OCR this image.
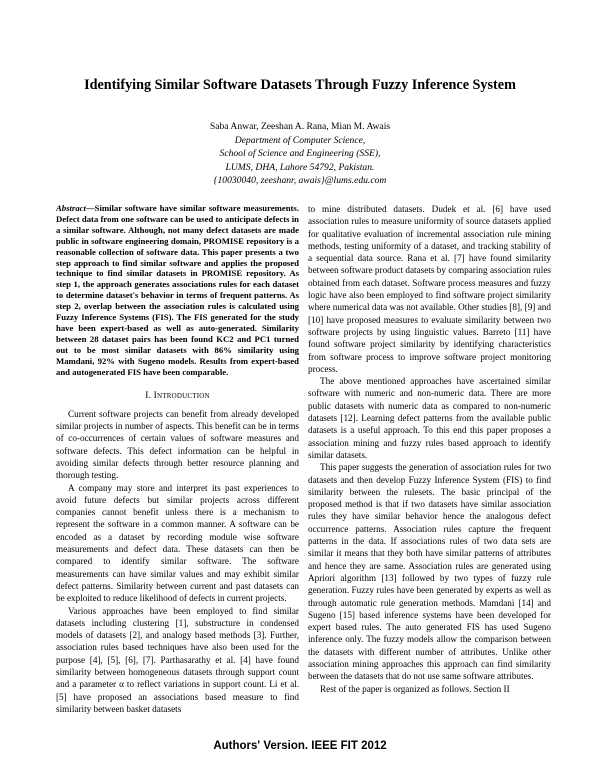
Identifying Similar Software Datasets Through Fuzzy Inference System
Saba Anwar, Zeeshan A. Rana, Mian M. Awais
Department of Computer Science,
School of Science and Engineering (SSE),
LUMS, DHA, Lahore 54792, Pakistan.
{10030040, zeeshanr, awais}@lums.edu.com

Abstract—Similar software have similar software measurements. Defect data from one software can be used to anticipate defects in a similar software. Although, not many defect datasets are made public in software engineering domain, PROMISE repository is a reasonable collection of software data. This paper presents a two step approach to find similar software and applies the proposed technique to find similar datasets in PROMISE repository. As step 1, the approach generates associations rules for each dataset to determine dataset's behavior in terms of frequent patterns. As step 2, overlap between the association rules is calculated using Fuzzy Inference Systems (FIS). The FIS generated for the study have been expert-based as well as auto-generated. Similarity between 28 dataset pairs has been found KC2 and PC1 turned out to be most similar datasets with 86% similarity using Mamdani, 92% with Sugeno models. Results from expert-based and autogenerated FIS have been comparable.

I. Introduction

Current software projects can benefit from already developed similar projects in number of aspects. This benefit can be in terms of co-occurrences of certain values of software measures and software defects. This defect information can be helpful in avoiding similar defects through better resource planning and thorough testing.

A company may store and interpret its past experiences to avoid future defects but similar projects across different companies cannot benefit unless there is a mechanism to represent the software in a common manner. A software can be encoded as a dataset by recording module wise software measurements and defect data. These datasets can then be compared to identify similar software. The software measurements can have similar values and may exhibit similar defect patterns. Similarity between current and past datasets can be exploited to reduce likelihood of defects in current projects.

Various approaches have been employed to find similar datasets including clustering [1], substructure in condensed models of datasets [2], and analogy based methods [3]. Further, association rules based techniques have also been used for the purpose [4], [5], [6], [7]. Parthasarathy et al. [4] have found similarity between homogeneous datasets through support count and a parameter α to reflect variations in support count. Li et al. [5] have proposed an associations based measure to find similarity between basket datasets

to mine distributed datasets. Dudek et al. [6] have used association rules to measure uniformity of source datasets applied for qualitative evaluation of incremental association rule mining methods, testing uniformity of a dataset, and tracking stability of a sequential data source. Rana et al. [7] have found similarity between software product datasets by comparing association rules obtained from each dataset. Software process measures and fuzzy logic have also been employed to find software project similarity where numerical data was not available. Other studies [8], [9] and [10] have proposed measures to evaluate similarity between two software projects by using linguistic values. Barreto [11] have found software project similarity by identifying characteristics from software process to improve software project monitoring process.

The above mentioned approaches have ascertained similar software with numeric and non-numeric data. There are more public datasets with numeric data as compared to non-numeric datasets [12]. Learning defect patterns from the available public datasets is a useful approach. To this end this paper proposes a association mining and fuzzy rules based approach to identify similar datasets.

This paper suggests the generation of association rules for two datasets and then develop Fuzzy Inference System (FIS) to find similarity between the rulesets. The basic principal of the proposed method is that if two datasets have similar association rules they have similar behavior hence the analogous defect occurrence patterns. Association rules capture the frequent patterns in the data. If associations rules of two data sets are similar it means that they both have similar patterns of attributes and hence they are same. Association rules are generated using Apriori algorithm [13] followed by two types of fuzzy rule generation. Fuzzy rules have been generated by experts as well as through automatic rule generation methods. Mamdani [14] and Sugeno [15] based inference systems have been developed for expert based rules. The auto generated FIS has used Sugeno inference only. The fuzzy models allow the comparison between the datasets with different number of attributes. Unlike other association mining approaches this approach can find similarity between the datasets that do not use same software attributes.

Rest of the paper is organized as follows. Section II

Authors' Version. IEEE FIT 2012
